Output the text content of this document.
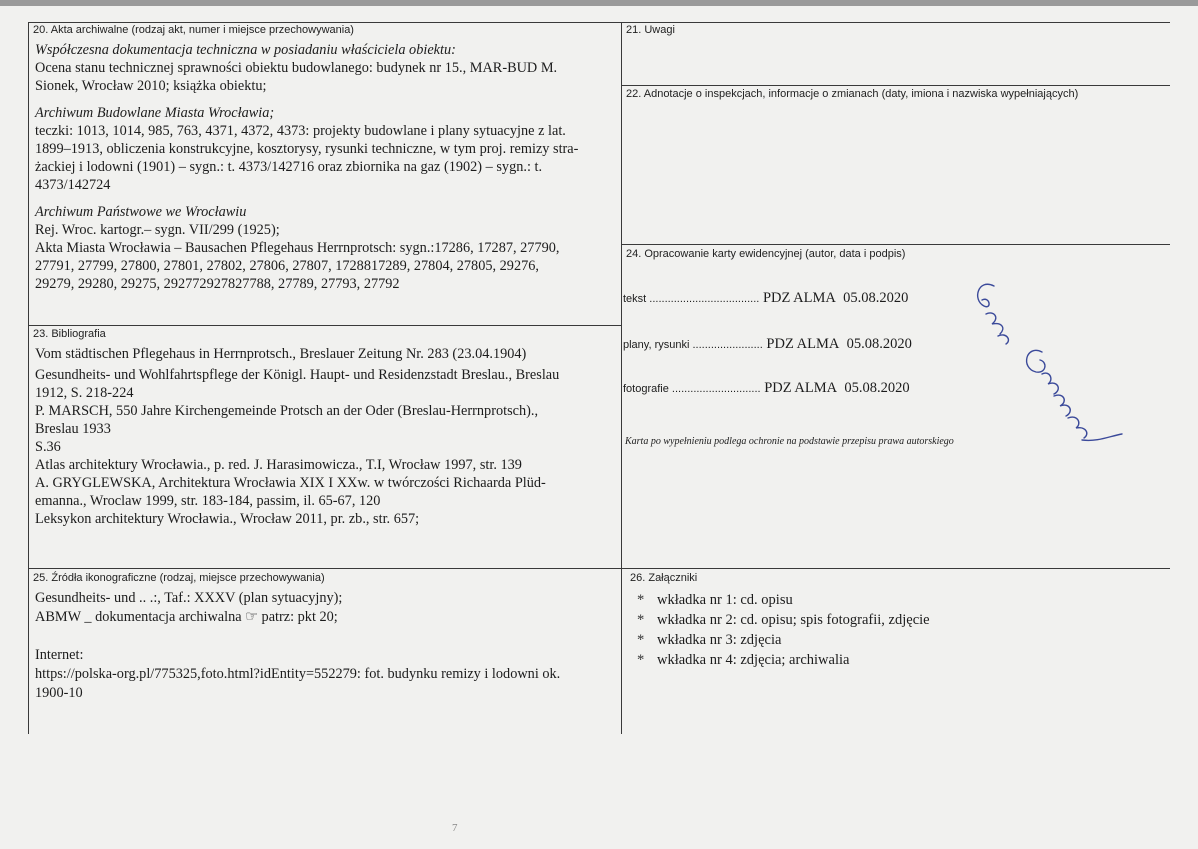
20. Akta archiwalne (rodzaj akt, numer i miejsce przechowywania)
Współczesna dokumentacja techniczna w posiadaniu właściciela obiektu:
Ocena stanu technicznej sprawności obiektu budowlanego: budynek nr 15., MAR-BUD M.
Sionek, Wrocław 2010; książka obiektu;
Archiwum Budowlane Miasta Wrocławia;
teczki: 1013, 1014, 985, 763, 4371, 4372, 4373: projekty budowlane i plany sytuacyjne z lat.
1899–1913, obliczenia konstrukcyjne, kosztorysy, rysunki techniczne, w tym proj. remizy stra-
żackiej i lodowni (1901) – sygn.: t. 4373/142716 oraz zbiornika na gaz (1902) – sygn.: t.
4373/142724
Archiwum Państwowe we Wrocławiu
Rej. Wroc. kartogr.– sygn. VII/299 (1925);
Akta Miasta Wrocławia – Bausachen Pflegehaus Herrnprotsch: sygn.:17286, 17287, 27790,
27791, 27799, 27800, 27801, 27802, 27806, 27807, 1728817289, 27804, 27805, 29276,
29279, 29280, 29275, 292772927827788, 27789, 27793, 27792
21. Uwagi
22. Adnotacje o inspekcjach, informacje o zmianach (daty, imiona i nazwiska wypełniających)
23. Bibliografia
Vom städtischen Pflegehaus in Herrnprotsch., Breslauer Zeitung Nr. 283 (23.04.1904)
Gesundheits- und Wohlfahrtspflege der Königl. Haupt- und Residenzstadt Breslau., Breslau
1912, S. 218-224
P. MARSCH, 550 Jahre Kirchengemeinde Protsch an der Oder (Breslau-Herrnprotsch).,
Breslau 1933
S.36
Atlas architektury Wrocławia., p. red. J. Harasimowicza., T.I, Wrocław 1997, str. 139
A. GRYGLEWSKA, Architektura Wrocławia XIX I XXw. w twórczości Richaarda Plüd-
emanna., Wroclaw 1999, str. 183-184, passim, il. 65-67, 120
Leksykon architektury Wrocławia., Wrocław 2011, pr. zb., str. 657;
24. Opracowanie karty ewidencyjnej (autor, data i podpis)
tekst .................................... PDZ ALMA 05.08.2020
plany, rysunki ....................... PDZ ALMA 05.08.2020
fotografie ............................. PDZ ALMA 05.08.2020
Karta po wypełnieniu podlega ochronie na podstawie przepisu prawa autorskiego
25. Źródła ikonograficzne (rodzaj, miejsce przechowywania)
Gesundheits- und .. .:, Taf.: XXXV (plan sytuacyjny);
ABMW _ dokumentacja archiwalna ☞ patrz: pkt 20;
Internet:
https://polska-org.pl/775325,foto.html?idEntity=552279: fot. budynku remizy i lodowni ok.
1900-10
26. Załączniki
* wkładka nr 1: cd. opisu
* wkładka nr 2: cd. opisu; spis fotografii, zdjęcie
* wkładka nr 3: zdjęcia
* wkładka nr 4: zdjęcia; archiwalia
7
